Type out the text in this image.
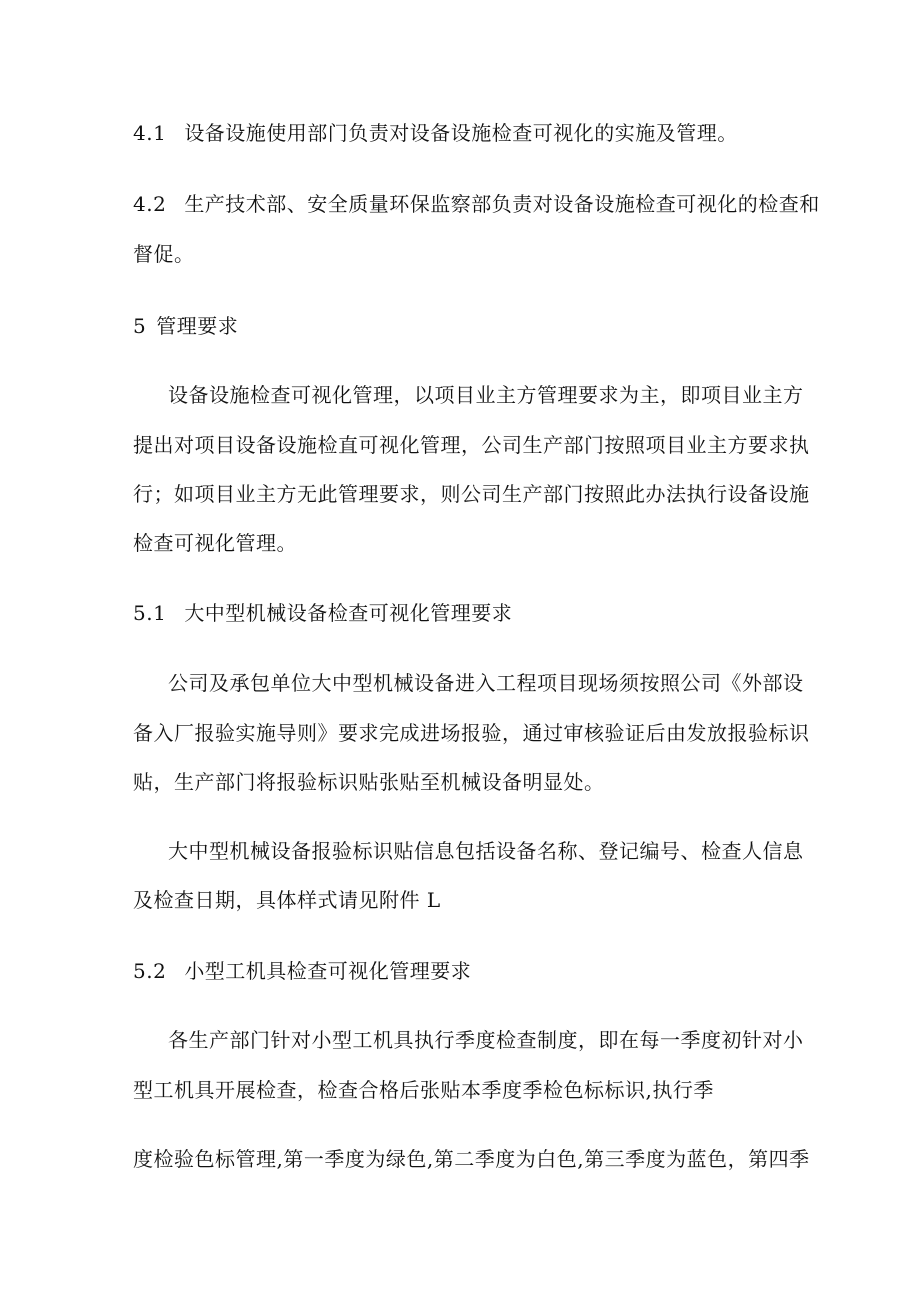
4.1 设备设施使用部门负责对设备设施检查可视化的实施及管理。
4.2 生产技术部、安全质量环保监察部负责对设备设施检查可视化的检查和
督促。
5 管理要求
设备设施检查可视化管理，以项目业主方管理要求为主，即项目业主方
提出对项目设备设施检直可视化管理，公司生产部门按照项目业主方要求执
行；如项目业主方无此管理要求，则公司生产部门按照此办法执行设备设施
检查可视化管理。
5.1 大中型机械设备检查可视化管理要求
公司及承包单位大中型机械设备进入工程项目现场须按照公司《外部设
备入厂报验实施导则》要求完成进场报验，通过审核验证后由发放报验标识
贴，生产部门将报验标识贴张贴至机械设备明显处。
大中型机械设备报验标识贴信息包括设备名称、登记编号、检查人信息
及检查日期，具体样式请见附件 L
5.2 小型工机具检查可视化管理要求
各生产部门针对小型工机具执行季度检查制度，即在每一季度初针对小
型工机具开展检查，检查合格后张贴本季度季检色标标识,执行季
度检验色标管理,第一季度为绿色,第二季度为白色,第三季度为蓝色，第四季
